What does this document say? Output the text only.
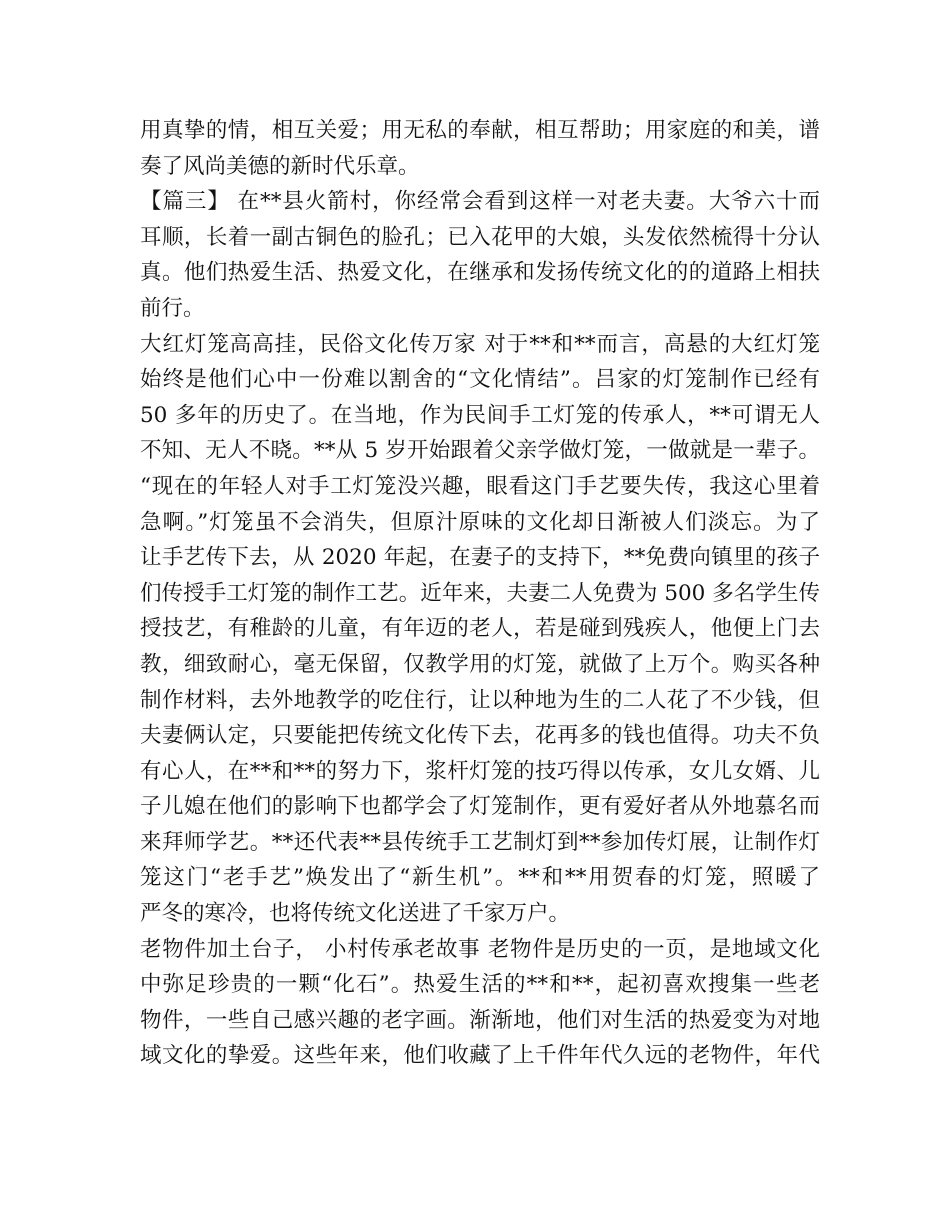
用真挚的情，相互关爱；用无私的奉献，相互帮助；用家庭的和美，谱
奏了风尚美德的新时代乐章。
【篇三】 在**县火箭村，你经常会看到这样一对老夫妻。大爷六十而
耳顺，长着一副古铜色的脸孔；已入花甲的大娘，头发依然梳得十分认
真。他们热爱生活、热爱文化，在继承和发扬传统文化的的道路上相扶
前行。
大红灯笼高高挂，民俗文化传万家 对于**和**而言，高悬的大红灯笼
始终是他们心中一份难以割舍的“文化情结”。吕家的灯笼制作已经有
50 多年的历史了。在当地，作为民间手工灯笼的传承人，**可谓无人
不知、无人不晓。**从 5 岁开始跟着父亲学做灯笼，一做就是一辈子。
“现在的年轻人对手工灯笼没兴趣，眼看这门手艺要失传，我这心里着
急啊。”灯笼虽不会消失，但原汁原味的文化却日渐被人们淡忘。为了
让手艺传下去，从 2020 年起，在妻子的支持下，**免费向镇里的孩子
们传授手工灯笼的制作工艺。近年来，夫妻二人免费为 500 多名学生传
授技艺，有稚龄的儿童，有年迈的老人，若是碰到残疾人，他便上门去
教，细致耐心，毫无保留，仅教学用的灯笼，就做了上万个。购买各种
制作材料，去外地教学的吃住行，让以种地为生的二人花了不少钱，但
夫妻俩认定，只要能把传统文化传下去，花再多的钱也值得。功夫不负
有心人，在**和**的努力下，浆杆灯笼的技巧得以传承，女儿女婿、儿
子儿媳在他们的影响下也都学会了灯笼制作，更有爱好者从外地慕名而
来拜师学艺。**还代表**县传统手工艺制灯到**参加传灯展，让制作灯
笼这门“老手艺”焕发出了“新生机”。**和**用贺春的灯笼，照暖了
严冬的寒冷，也将传统文化送进了千家万户。
老物件加土台子， 小村传承老故事 老物件是历史的一页，是地域文化
中弥足珍贵的一颗“化石”。热爱生活的**和**，起初喜欢搜集一些老
物件，一些自己感兴趣的老字画。渐渐地，他们对生活的热爱变为对地
域文化的挚爱。这些年来，他们收藏了上千件年代久远的老物件，年代
